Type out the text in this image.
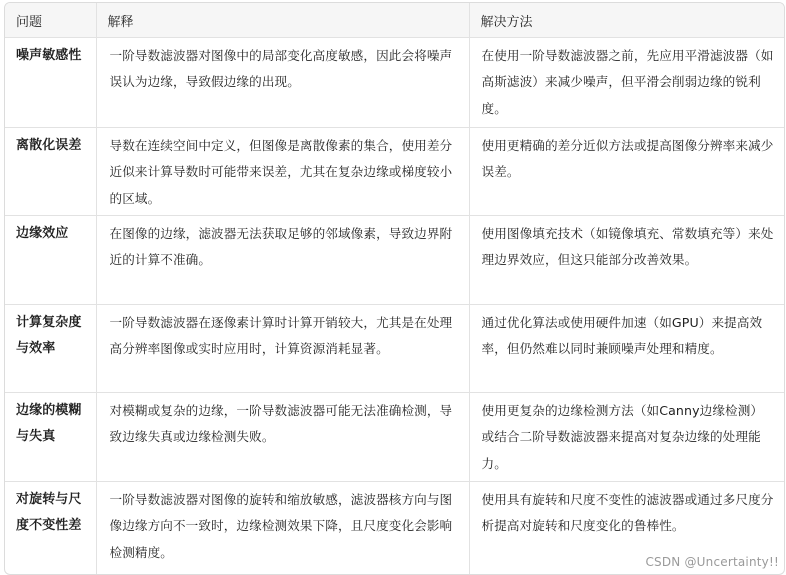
问题	解释	解决方法
噪声敏感性	一阶导数滤波器对图像中的局部变化高度敏感，因此会将噪声误认为边缘，导致假边缘的出现。	在使用一阶导数滤波器之前，先应用平滑滤波器（如高斯滤波）来减少噪声，但平滑会削弱边缘的锐利度。
离散化误差	导数在连续空间中定义，但图像是离散像素的集合，使用差分近似来计算导数时可能带来误差，尤其在复杂边缘或梯度较小的区域。	使用更精确的差分近似方法或提高图像分辨率来减少误差。
边缘效应	在图像的边缘，滤波器无法获取足够的邻域像素，导致边界附近的计算不准确。	使用图像填充技术（如镜像填充、常数填充等）来处理边界效应，但这只能部分改善效果。
计算复杂度与效率	一阶导数滤波器在逐像素计算时计算开销较大，尤其是在处理高分辨率图像或实时应用时，计算资源消耗显著。	通过优化算法或使用硬件加速（如GPU）来提高效率，但仍然难以同时兼顾噪声处理和精度。
边缘的模糊与失真	对模糊或复杂的边缘，一阶导数滤波器可能无法准确检测，导致边缘失真或边缘检测失败。	使用更复杂的边缘检测方法（如Canny边缘检测）或结合二阶导数滤波器来提高对复杂边缘的处理能力。
对旋转与尺度不变性差	一阶导数滤波器对图像的旋转和缩放敏感，滤波器核方向与图像边缘方向不一致时，边缘检测效果下降，且尺度变化会影响检测精度。	使用具有旋转和尺度不变性的滤波器或通过多尺度分析提高对旋转和尺度变化的鲁棒性。
CSDN @Uncertainty!!
